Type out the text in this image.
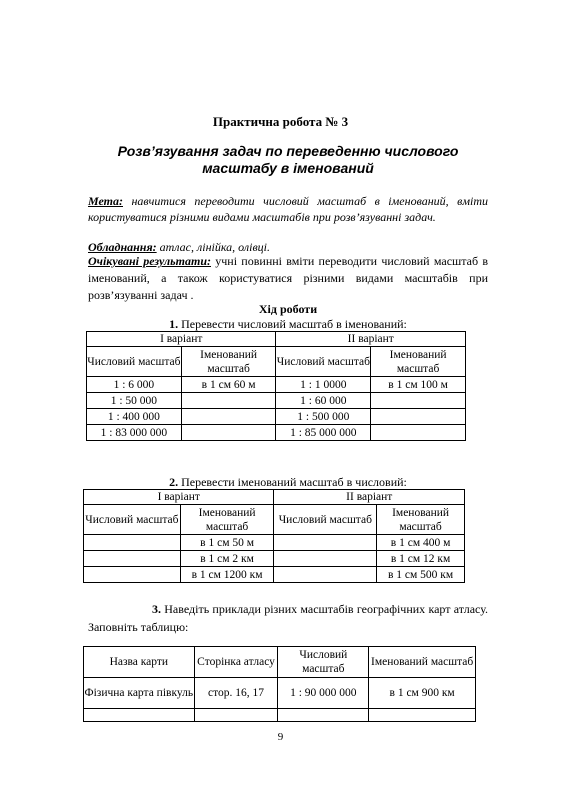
Практична робота № 3
Розв’язування задач по переведенню числового масштабу в іменований
Мета: навчитися переводити числовий масштаб в іменований, вміти користуватися різними видами масштабів при розв’язуванні задач.
Обладнання: атлас, лінійка, олівці.
Очікувані результати: учні повинні вміти переводити числовий масштаб в іменований, а також користуватися різними видами масштабів при розв’язуванні задач .
Хід роботи
1. Перевести числовий масштаб в іменований:
І варіант		ІІ варіант	
Числовий масштаб	Іменований масштаб	Числовий масштаб	Іменований масштаб
1 : 6 000	в 1 см 60 м	1 : 1 0000	в 1 см 100 м
1 : 50 000		1 : 60 000	
1 : 400 000		1 : 500 000	
1 : 83 000 000		1 : 85 000 000	
2. Перевести іменований масштаб в числовий:
І варіант		ІІ варіант	
Числовий масштаб	Іменований масштаб	Числовий масштаб	Іменований масштаб
	в 1 см 50 м		в 1 см 400 м
	в 1 см 2 км		в 1 см 12 км
	в 1 см 1200 км		в 1 см 500 км
3. Наведіть приклади різних масштабів географічних карт атласу. Заповніть таблицю:
Назва карти	Сторінка атласу	Числовий масштаб	Іменований масштаб
Фізична карта півкуль	стор. 16, 17	1 : 90 000 000	в 1 см 900 км

9
